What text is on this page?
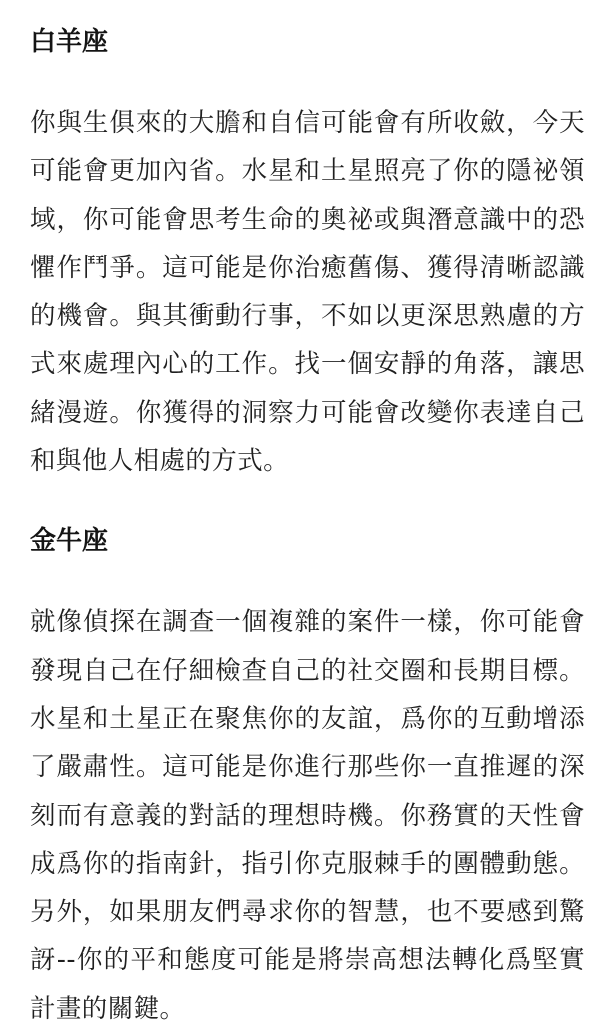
白羊座

你與生俱來的大膽和自信可能會有所收斂，今天可能會更加內省。水星和土星照亮了你的隱祕領域，你可能會思考生命的奧祕或與潛意識中的恐懼作鬥爭。這可能是你治癒舊傷、獲得清晰認識的機會。與其衝動行事，不如以更深思熟慮的方式來處理內心的工作。找一個安靜的角落，讓思緒漫遊。你獲得的洞察力可能會改變你表達自己和與他人相處的方式。

金牛座

就像偵探在調查一個複雜的案件一樣，你可能會發現自己在仔細檢查自己的社交圈和長期目標。水星和土星正在聚焦你的友誼，爲你的互動增添了嚴肅性。這可能是你進行那些你一直推遲的深刻而有意義的對話的理想時機。你務實的天性會成爲你的指南針，指引你克服棘手的團體動態。另外，如果朋友們尋求你的智慧，也不要感到驚訝--你的平和態度可能是將崇高想法轉化爲堅實計畫的關鍵。
